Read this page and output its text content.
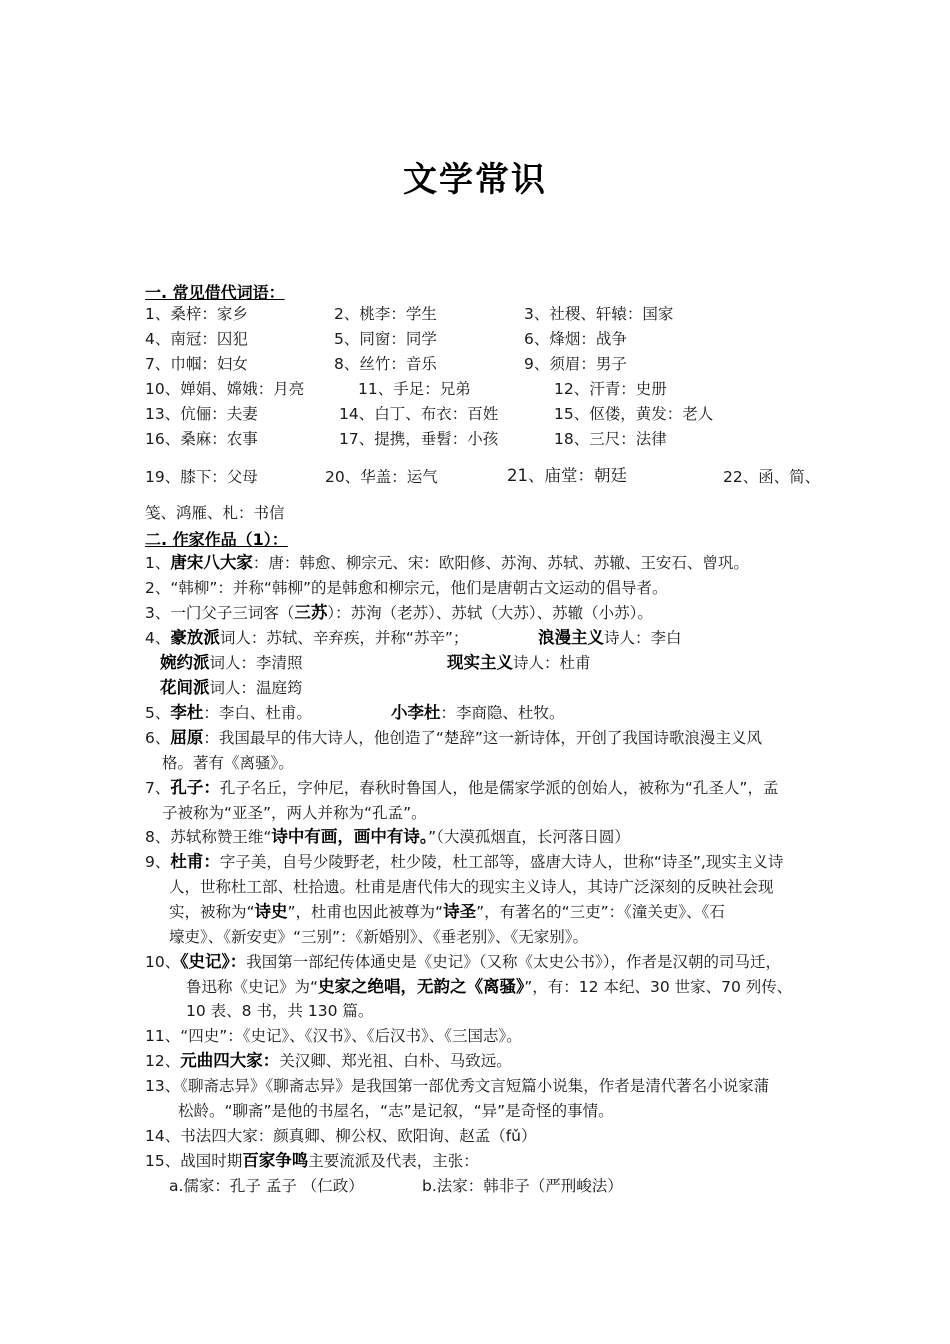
文学常识
一. 常见借代词语：
1、桑梓：家乡	2、桃李：学生	3、社稷、轩辕：国家
4、南冠：囚犯	5、同窗：同学	6、烽烟：战争
7、巾帼：妇女	8、丝竹：音乐	9、须眉：男子
10、婵娟、嫦娥：月亮	11、手足：兄弟	12、汗青：史册
13、伉俪：夫妻	14、白丁、布衣：百姓	15、伛偻，黄发：老人
16、桑麻：农事	17、提携，垂髫：小孩	18、三尺：法律
19、膝下：父母	20、华盖：运气	21、庙堂：朝廷	22、函、简、
笺、鸿雁、札：书信
二. 作家作品（1）：
1、唐宋八大家：唐：韩愈、柳宗元、宋：欧阳修、苏洵、苏轼、苏辙、王安石、曾巩。
2、“韩柳”：并称“韩柳”的是韩愈和柳宗元，他们是唐朝古文运动的倡导者。
3、一门父子三词客（三苏）：苏洵（老苏）、苏轼（大苏）、苏辙（小苏）。
4、豪放派词人：苏轼、辛弃疾，并称“苏辛”；	浪漫主义诗人：李白
婉约派词人：李清照	现实主义诗人：杜甫
花间派词人：温庭筠
5、李杜：李白、杜甫。	小李杜：李商隐、杜牧。
6、屈原：我国最早的伟大诗人，他创造了“楚辞”这一新诗体，开创了我国诗歌浪漫主义风
格。著有《离骚》。
7、孔子：孔子名丘，字仲尼，春秋时鲁国人，他是儒家学派的创始人，被称为“孔圣人”，孟
子被称为“亚圣”，两人并称为“孔孟”。
8、苏轼称赞王维“诗中有画，画中有诗。”（大漠孤烟直，长河落日圆）
9、杜甫：字子美，自号少陵野老，杜少陵，杜工部等，盛唐大诗人，世称“诗圣”,现实主义诗
人，世称杜工部、杜拾遗。杜甫是唐代伟大的现实主义诗人，其诗广泛深刻的反映社会现
实，被称为“诗史”，杜甫也因此被尊为“诗圣”，有著名的“三吏”：《潼关吏》、《石
壕吏》、《新安吏》“三别”：《新婚别》、《垂老别》、《无家别》。
10、《史记》：我国第一部纪传体通史是《史记》（又称《太史公书》），作者是汉朝的司马迁，
鲁迅称《史记》为“史家之绝唱，无韵之《离骚》”，有：12 本纪、30 世家、70 列传、
10 表、8 书，共 130 篇。
11、“四史”：《史记》、《汉书》、《后汉书》、《三国志》。
12、元曲四大家：关汉卿、郑光祖、白朴、马致远。
13、《聊斋志异》《聊斋志异》是我国第一部优秀文言短篇小说集，作者是清代著名小说家蒲
松龄。“聊斋”是他的书屋名，“志”是记叙，“异”是奇怪的事情。
14、书法四大家：颜真卿、柳公权、欧阳询、赵孟（fǔ）
15、战国时期百家争鸣主要流派及代表，主张：
a.儒家：孔子 孟子 （仁政）	b.法家：韩非子（严刑峻法）
